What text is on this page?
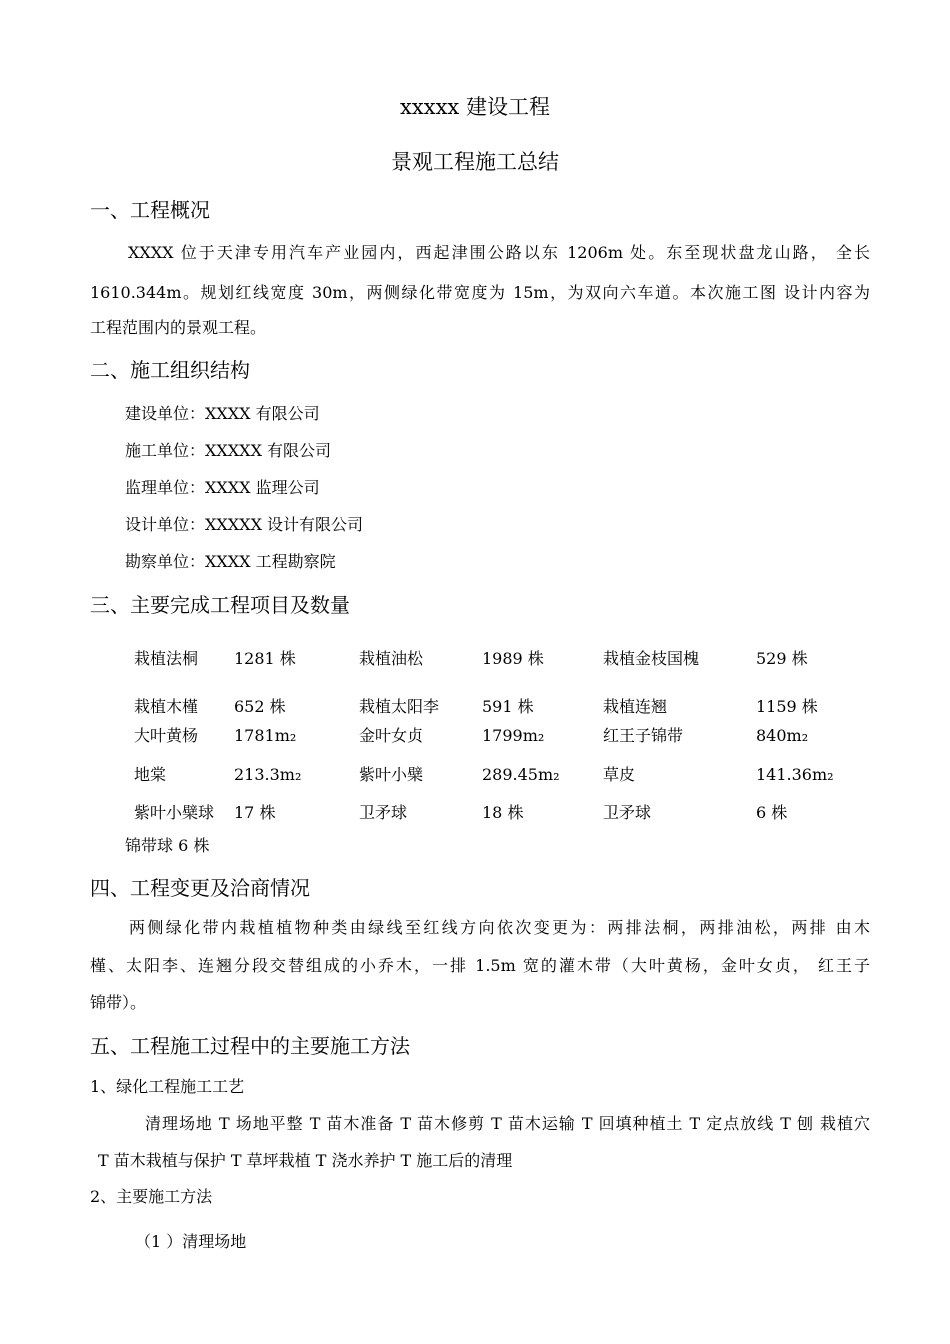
xxxxx 建设工程
景观工程施工总结
一、工程概况
XXXX 位于天津专用汽车产业园内，西起津围公路以东 1206m 处。东至现状盘龙山路， 全长
1610.344m。规划红线宽度 30m，两侧绿化带宽度为 15m，为双向六车道。本次施工图 设计内容为
工程范围内的景观工程。
二、施工组织结构
建设单位：XXXX 有限公司
施工单位：XXXXX 有限公司
监理单位：XXXX 监理公司
设计单位：XXXXX 设计有限公司
勘察单位：XXXX 工程勘察院
三、主要完成工程项目及数量
栽植法桐 1281 株	栽植油松	1989 株	栽植金枝国槐	529 株
栽植木槿 652 株	栽植太阳李	591 株	栽植连翘	1159 株
大叶黄杨 1781m₂	金叶女贞	1799m₂	红王子锦带	840m₂
地棠	213.3m₂	紫叶小檗	289.45m₂	草皮	141.36m₂
紫叶小檗球 17 株	卫矛球	18 株	卫矛球	6 株
锦带球 6 株
四、工程变更及洽商情况
两侧绿化带内栽植植物种类由绿线至红线方向依次变更为：两排法桐，两排油松，两排 由木
槿、太阳李、连翘分段交替组成的小乔木，一排 1.5m 宽的灌木带（大叶黄杨，金叶女贞， 红王子
锦带）。
五、工程施工过程中的主要施工方法
1、绿化工程施工工艺
清理场地 T 场地平整 T 苗木准备 T 苗木修剪 T 苗木运输 T 回填种植土 T 定点放线 T 刨 栽植穴
T 苗木栽植与保护 T 草坪栽植 T 浇水养护 T 施工后的清理
2、主要施工方法
（1 ）清理场地
